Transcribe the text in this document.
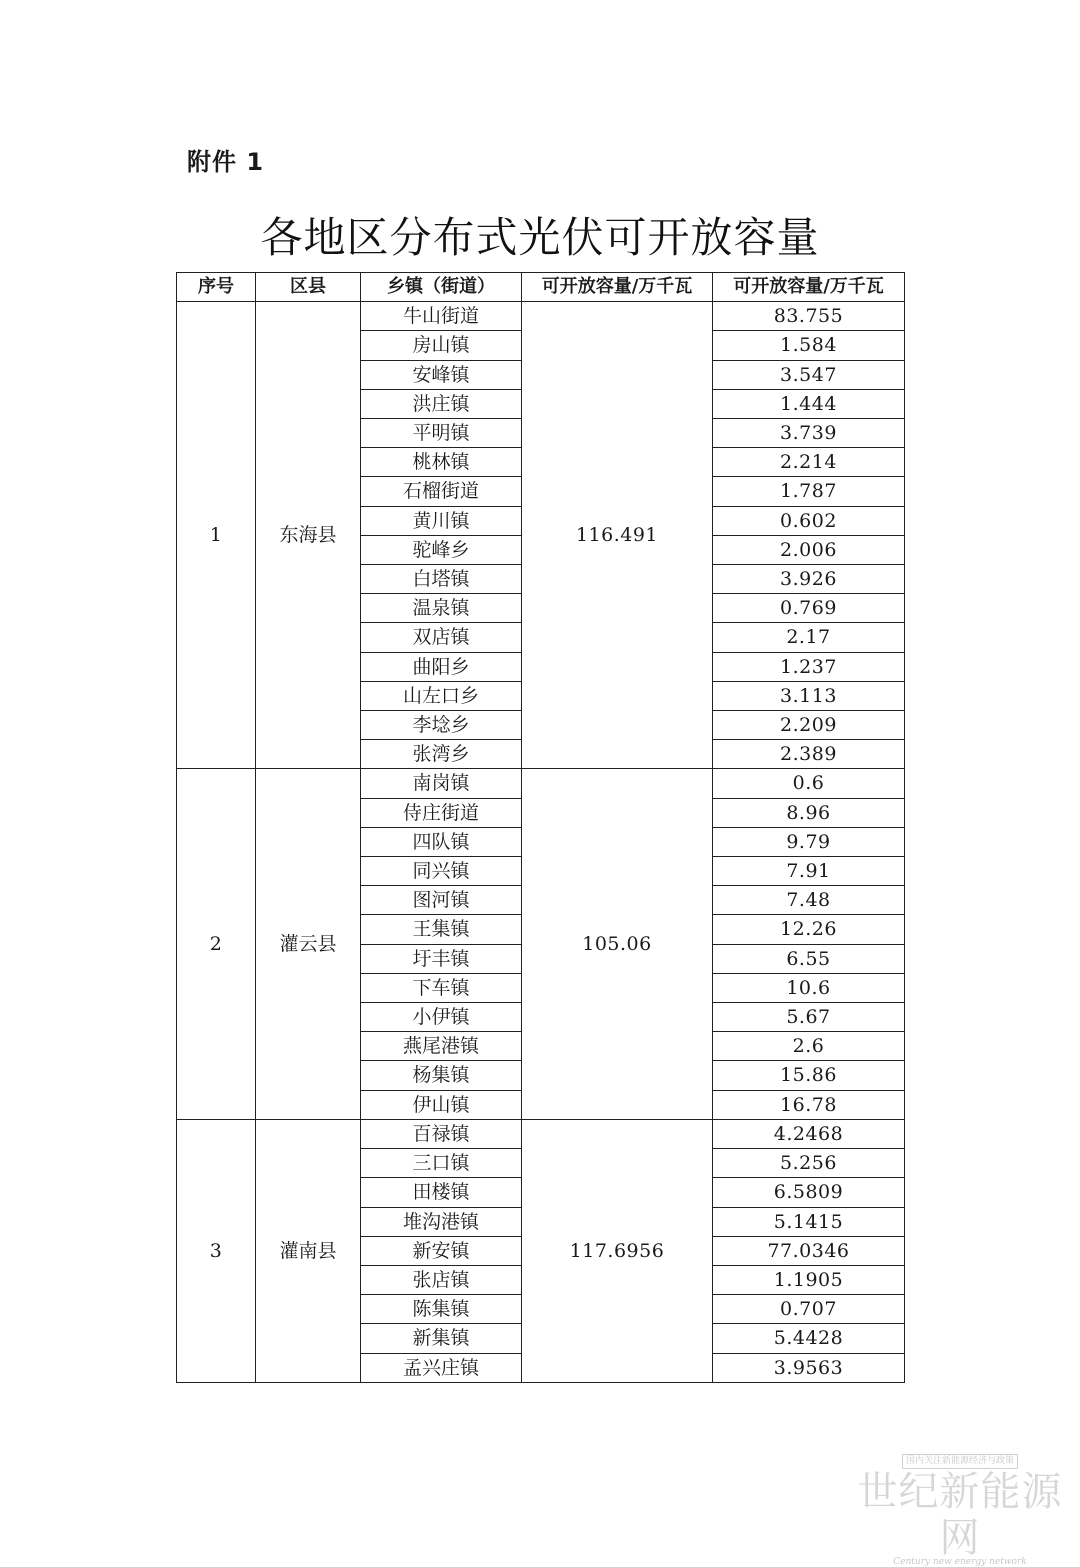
附件 1
各地区分布式光伏可开放容量
序号	区县	乡镇（街道）	可开放容量/万千瓦	可开放容量/万千瓦
1	东海县	牛山街道	116.491	83.755
		房山镇		1.584
		安峰镇		3.547
		洪庄镇		1.444
		平明镇		3.739
		桃林镇		2.214
		石榴街道		1.787
		黄川镇		0.602
		驼峰乡		2.006
		白塔镇		3.926
		温泉镇		0.769
		双店镇		2.17
		曲阳乡		1.237
		山左口乡		3.113
		李埝乡		2.209
		张湾乡		2.389
2	灌云县	南岗镇	105.06	0.6
		侍庄街道		8.96
		四队镇		9.79
		同兴镇		7.91
		图河镇		7.48
		王集镇		12.26
		圩丰镇		6.55
		下车镇		10.6
		小伊镇		5.67
		燕尾港镇		2.6
		杨集镇		15.86
		伊山镇		16.78
3	灌南县	百禄镇	117.6956	4.2468
		三口镇		5.256
		田楼镇		6.5809
		堆沟港镇		5.1415
		新安镇		77.0346
		张店镇		1.1905
		陈集镇		0.707
		新集镇		5.4428
		孟兴庄镇		3.9563
国内关注新能源经济与政策
世纪新能源网
Century new energy network
